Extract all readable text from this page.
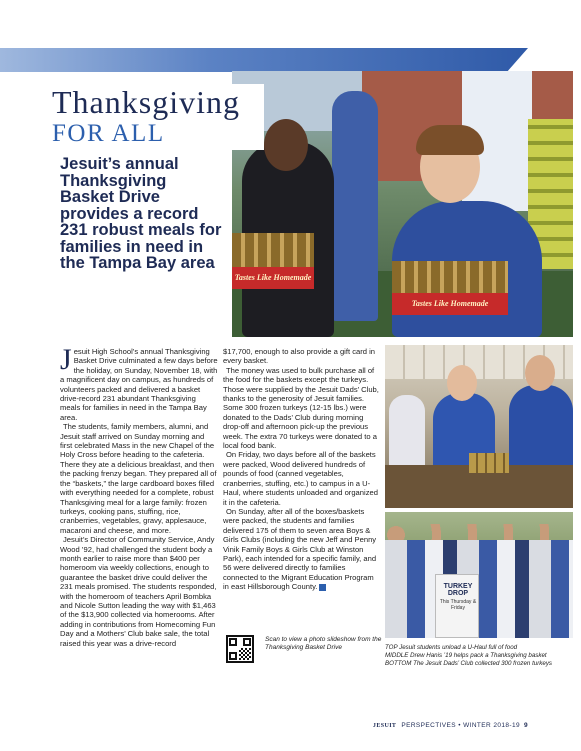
Tastes Like Homemade
Tastes Like Homemade
Thanksgiving
FOR ALL
Jesuit’s annual Thanksgiving Basket Drive provides a record 231 robust meals for families in need in the Tampa Bay area

Jesuit High School’s annual Thanksgiving Basket Drive culminated a few days before the holiday, on Sunday, November 18, with a magnificent day on campus, as hundreds of volunteers packed and delivered a basket drive-record 231 abundant Thanksgiving meals for families in need in the Tampa Bay area.

The students, family members, alumni, and Jesuit staff arrived on Sunday morning and first celebrated Mass in the new Chapel of the Holy Cross before heading to the cafeteria. There they ate a delicious breakfast, and then the packing frenzy began. They prepared all of the “baskets,” the large cardboard boxes filled with everything needed for a complete, robust Thanksgiving meal for a large family: frozen turkeys, cooking pans, stuffing, rice, cranberries, vegetables, gravy, applesauce, macaroni and cheese, and more.

Jesuit’s Director of Community Service, Andy Wood ’92, had challenged the student body a month earlier to raise more than $400 per homeroom via weekly collections, enough to guarantee the basket drive could deliver the 231 meals promised. The students responded, with the homeroom of teachers April Bombka and Nicole Sutton leading the way with $1,463 of the $13,900 collected via homerooms. After adding in contributions from Homecoming Fun Day and a Mothers’ Club bake sale, the total raised this year was a drive-record

$17,700, enough to also provide a gift card in every basket.

The money was used to bulk purchase all of the food for the baskets except the turkeys. Those were supplied by the Jesuit Dads’ Club, thanks to the generosity of Jesuit families. Some 300 frozen turkeys (12-15 lbs.) were donated to the Dads’ Club during morning drop-off and afternoon pick-up the previous week. The extra 70 turkeys were donated to a local food bank.

On Friday, two days before all of the baskets were packed, Wood delivered hundreds of pounds of food (canned vegetables, cranberries, stuffing, etc.) to campus in a U-Haul, where students unloaded and organized it in the cafeteria.

On Sunday, after all of the boxes/baskets were packed, the students and families delivered 175 of them to seven area Boys & Girls Clubs (including the new Jeff and Penny Vinik Family Boys & Girls Club at Winston Park), each intended for a specific family, and 56 were delivered directly to families connected to the Migrant Education Program in east Hillsborough County.	TURKEY DROP
This Thursday & Friday
Scan to view a photo slideshow from the Thanksgiving Basket Drive	TOP Jesuit students unload a U-Haul full of food
MIDDLE Drew Hanis ’19 helps pack a Thanksgiving basket
BOTTOM The Jesuit Dads’ Club collected 300 frozen turkeys
JESUIT PERSPECTIVES • WINTER 2018-19 9
